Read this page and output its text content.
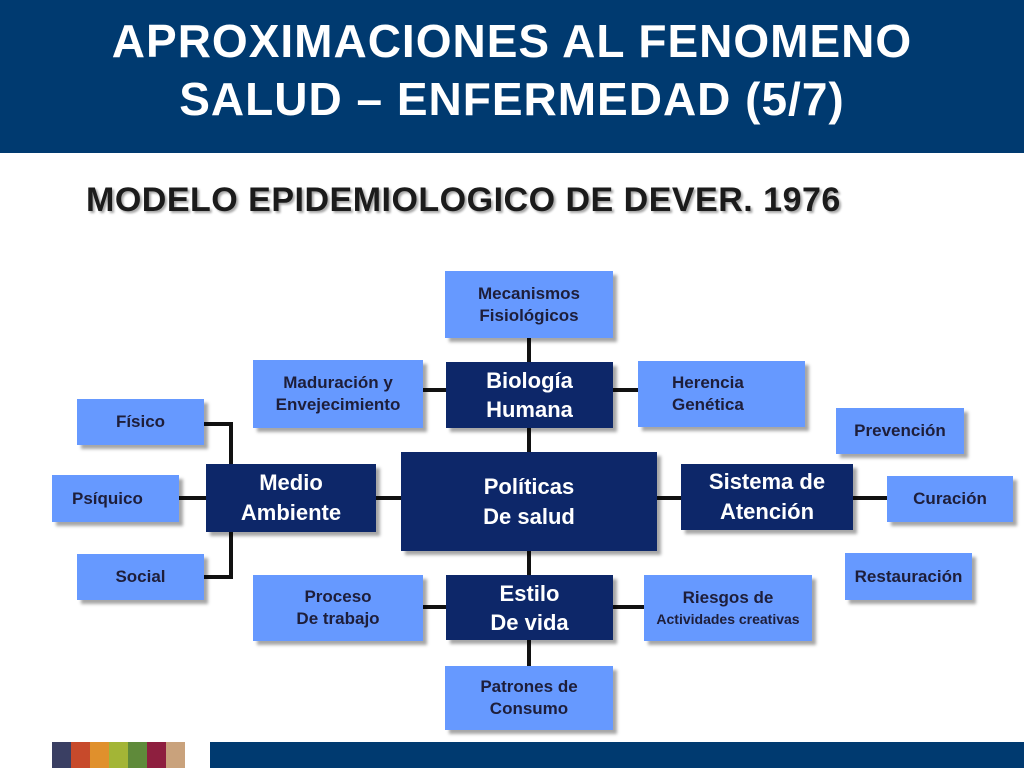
APROXIMACIONES AL FENOMENO
SALUD – ENFERMEDAD (5/7)
MODELO EPIDEMIOLOGICO DE DEVER. 1976
Mecanismos
Fisiológicos
Maduración y
Envejecimiento
Biología
Humana
Herencia
Genética
Físico
Psíquico
Social
Medio
Ambiente
Políticas
De salud
Sistema de
Atención
Prevención
Curación
Restauración
Proceso
De trabajo
Estilo
De vida
Riesgos de
Actividades creativas
Patrones de
Consumo
